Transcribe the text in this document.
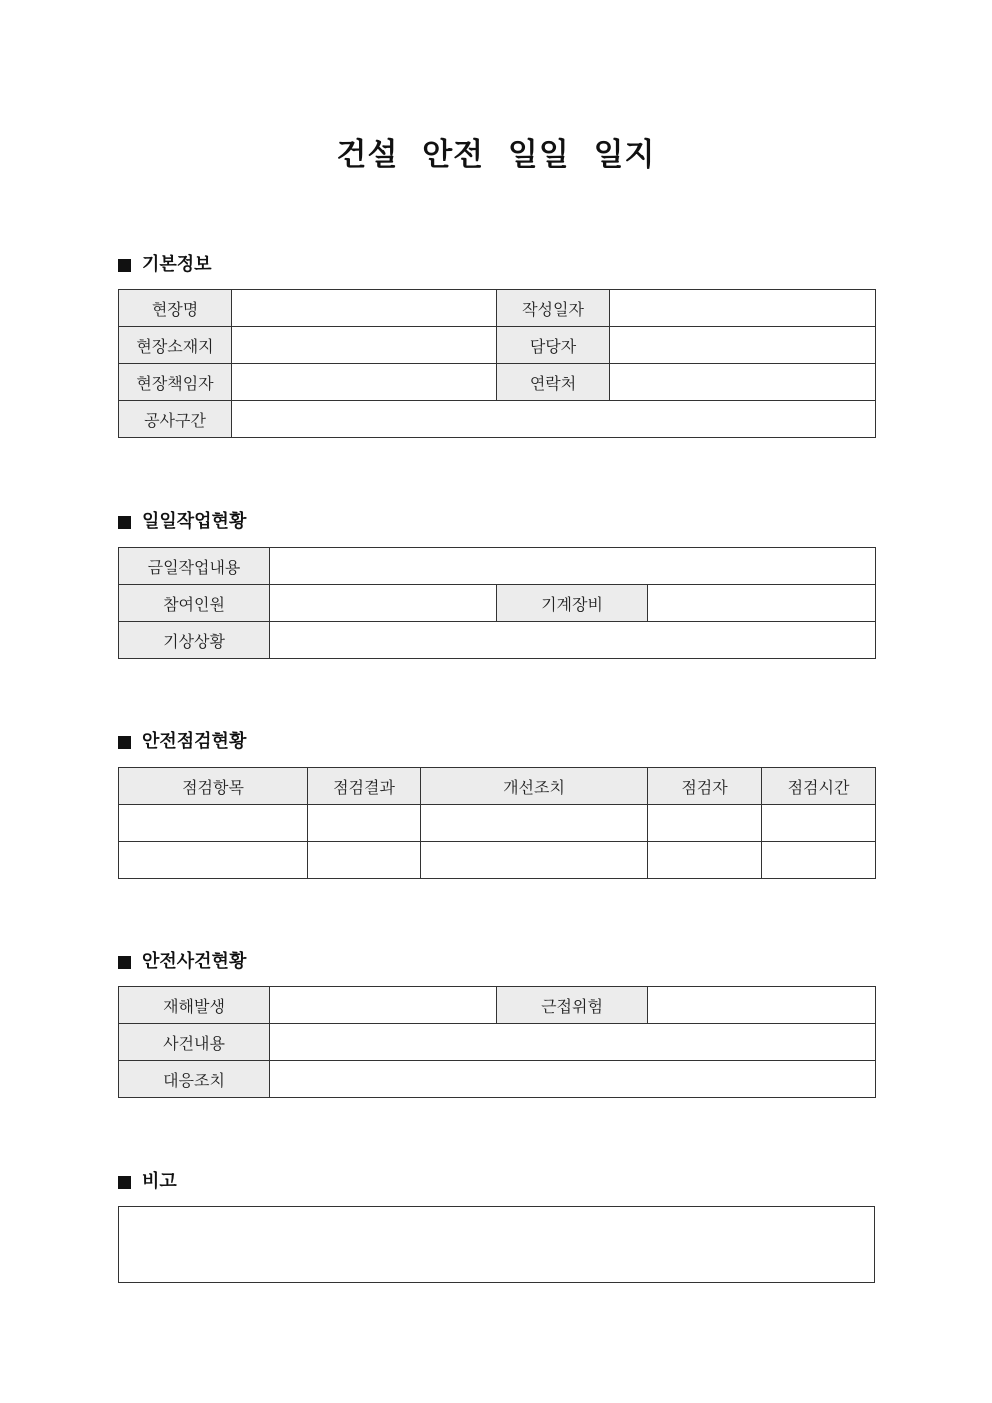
건설 안전 일일 일지
기본정보
현장명		작성일자	
현장소재지		담당자	
현장책임자		연락처	
공사구간			
일일작업현황
금일작업내용			
참여인원		기계장비	
기상상황			
안전점검현황
점검항목	점검결과	개선조치	점검자	점검시간

안전사건현황
재해발생		근접위험	
사건내용			
대응조치			
비고
